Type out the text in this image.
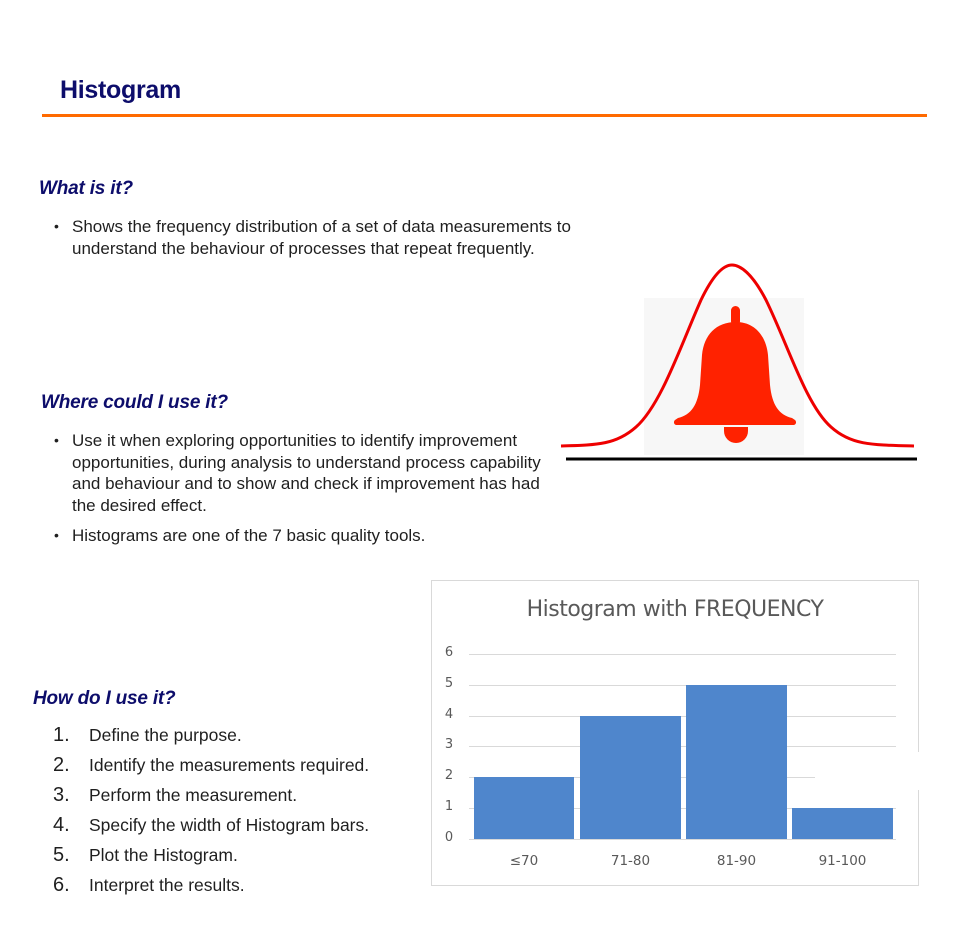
Histogram
What is it?
• Shows the frequency distribution of a set of data measurements to understand the behaviour of processes that repeat frequently.
Where could I use it?
• Use it when exploring opportunities to identify improvement opportunities, during analysis to understand process capability and behaviour and to show and check if improvement has had the desired effect.
• Histograms are one of the 7 basic quality tools.
How do I use it?
1.	Define the purpose.
2.	Identify the measurements required.
3.	Perform the measurement.
4.	Specify the width of Histogram bars.
5.	Plot the Histogram.
6.	Interpret the results.
Histogram with FREQUENCY
6
5
4
3
2
1
0
≤70	71-80	81-90	91-100
